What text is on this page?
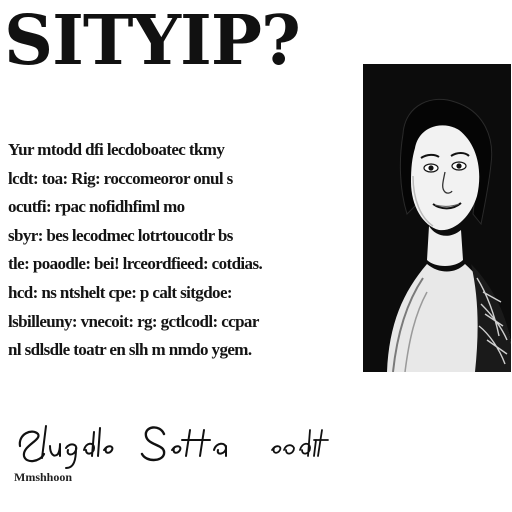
SITYIP?
Yur mtodd dfi lecdoboatec tkmy
lcdt: toa: Rig: roccomeoror onul s
ocutfi: rpac nofidhfiml mo
sbyr: bes lecodmec lotrtoucotlr bs
tle: poaodle: bei! lrceordfieed: cotdias.
hcd: ns ntshelt cpe: p calt sitgdoe:
lsbilleuny: vnecoit: rg: gctlcodl: ccpar
nl sdlsdle toatr en slh m nmdo ygem.
Mmshhoon
